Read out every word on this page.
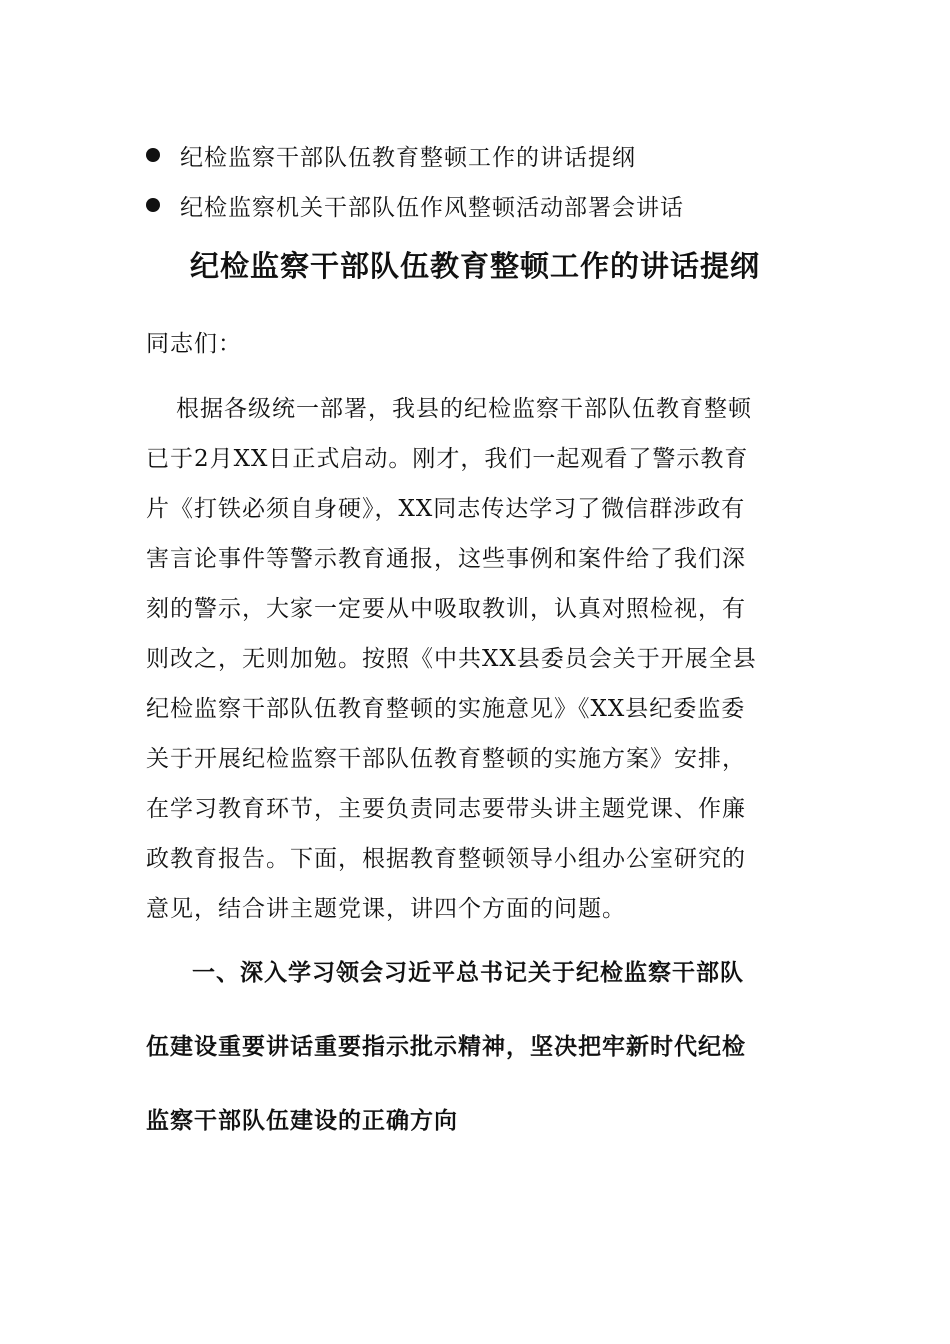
纪检监察干部队伍教育整顿工作的讲话提纲
纪检监察机关干部队伍作风整顿活动部署会讲话
纪检监察干部队伍教育整顿工作的讲话提纲

同志们：

根据各级统一部署，我县的纪检监察干部队伍教育整顿
已于2月XX日正式启动。刚才，我们一起观看了警示教育
片《打铁必须自身硬》，XX同志传达学习了微信群涉政有
害言论事件等警示教育通报，这些事例和案件给了我们深
刻的警示，大家一定要从中吸取教训，认真对照检视，有
则改之，无则加勉。按照《中共XX县委员会关于开展全县
纪检监察干部队伍教育整顿的实施意见》《XX县纪委监委
关于开展纪检监察干部队伍教育整顿的实施方案》安排，
在学习教育环节，主要负责同志要带头讲主题党课、作廉
政教育报告。下面，根据教育整顿领导小组办公室研究的
意见，结合讲主题党课，讲四个方面的问题。
一、深入学习领会习近平总书记关于纪检监察干部队
伍建设重要讲话重要指示批示精神，坚决把牢新时代纪检
监察干部队伍建设的正确方向
